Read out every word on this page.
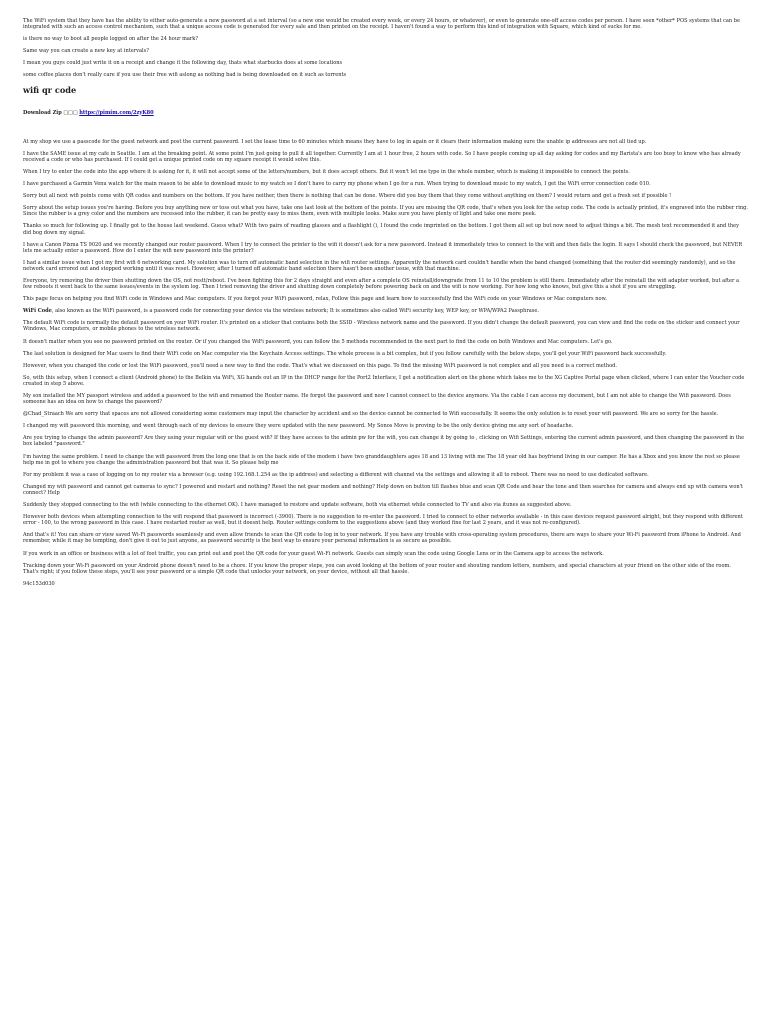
The WiFi system that they have has the ability to either auto-generate a new password at a set interval (so a new one would be created every week, or every 24 hours, or whatever), or even to generate one-off access codes per person. I have seen *other* POS systems that can be integrated with such an access control mechanism, such that a unique access code is generated for every sale and then printed on the receipt. I haven't found a way to perform this kind of integration with Square, which kind of sucks for me.

is there no way to boot all people logged on after the 24 hour mark?

Same way you can create a new key at intervals?

I mean you guys could just write it on a receipt and change it the following day, thats what starbucks does at some locations

some coffee places don't really care if you use their free wifi aslong as nothing bad is being downloaded on it such as torrents

wifi qr code
Download Zip □□□ https://pimim.com/2zyK80

At my shop we use a passcode for the guest network and post the current password. I set the lease time to 60 minutes which means they have to log in again or it clears their information making sure the unable ip addresses are not all tied up.

I have the SAME issue at my cafe in Seattle. I am at the breaking point. At some point I'm just going to pull it all together. Currently I am at 1 hour free, 2 hours with code. So I have people coming up all day asking for codes and my Barista's are too busy to know who has already received a code or who has purchased. If I could get a unique printed code on my square receipt it would solve this.

When I try to enter the code into the app where it is asking for it, it will not accept some of the letters/numbers, but it does accept others. But it won't let me type in the whole number, which is making it impossible to connect the points.

I have purchased a Garmin Venu watch for the main reason to be able to download music to my watch so I don't have to carry my phone when I go for a run. When trying to download music to my watch, I get the WiFi error connection code 010.

Sorry but all next wifi points come with QR codes and numbers on the bottom. If you have neither, then there is nothing that can be done. Where did you buy them that they come without anything on them? I would return and get a fresh set if possible !

Sorry about the setup issues you're having. Before you buy anything new or toss out what you have, take one last look at the bottom of the points. If you are missing the QR code, that's when you look for the setup code. The code is actually printed, it's engraved into the rubber ring. Since the rubber is a grey color and the numbers are recessed into the rubber, it can be pretty easy to miss them, even with multiple looks. Make sure you have plenty of light and take one more peek.

Thanks so much for following up. I finally got to the house last weekend. Guess what? With two pairs of reading glasses and a flashlight (), I found the code imprinted on the bottom. I got them all set up but now need to adjust things a bit. The mesh text recommended it and they did bog down my signal.

I have a Canon Pixma TS 9020 and we recently changed our router password. When I try to connect the printer to the wifi it doesn't ask for a new password. Instead it immediately tries to connect to the wifi and then fails the login. It says I should check the password, but NEVER lets me actually enter a password. How do I enter the wifi new password into the printer?

I had a similar issue when I got my first wifi 6 networking card. My solution was to turn off automatic band selection in the wifi router settings. Apparently the network card couldn't handle when the band changed (something that the router did seemingly randomly), and so the network card errored out and stopped working until it was reset. However, after I turned off automatic band selection there hasn't been another issue, with that machine.

Everyone, try removing the driver then shutting down the OS, not restt/reboot. I've been fighting this for 2 days straight and even after a complete OS reinstall/downgrade from 11 to 10 the problem is still there. Immediately after the reinstall the wifi adapter worked, but after a few reboots it went back to the same issues/events in the system log. Then I tried removing the driver and shutting down completely before powering back on and the wifi is now working. For how long who knows, but give this a shot if you are struggling.

This page focus on helping you find WiFi code in Windows and Mac computers. If you forgot your WiFi password, relax, Follow this page and learn how to successfully find the WiFi code on your Windows or Mac computers now.

WiFi Code, also known as the WiFi password, is a password code for connecting your device via the wireless network; It is sometimes also called WiFi security key, WEP key, or WPA/WPA2 Passphrase.

The default WiFi code is normally the default password on your WiFi router. It's printed on a sticker that contains both the SSID - Wireless network name and the password. If you didn't change the default password, you can view and find the code on the sticker and connect your Windows, Mac computers, or mobile phones to the wireless network.

It doesn't matter when you see no password printed on the router. Or if you changed the WiFi password, you can follow the 5 methods recommended in the next part to find the code on both Windows and Mac computers. Let's go.

The last solution is designed for Mac users to find their WiFi code on Mac computer via the Keychain Access settings. The whole process is a bit complex, but if you follow carefully with the below steps, you'll get your WiFi password back successfully.

However, when you changed the code or lost the WiFi password, you'll need a new way to find the code. That's what we discussed on this page. To find the missing WiFi password is not complex and all you need is a correct method.

So, with this setup, when I connect a client (Android phone) to the Belkin via WiFi, XG hands out an IP in the DHCP range for the Port2 Interface, I get a notification alert on the phone which takes me to the XG Captive Portal page when clicked, where I can enter the Voucher code created in step 5 above.

My son installed the MY passport wireless and added a password to the wifi and renamed the Router name. He forgot the password and now I cannot connect to the device anymore. Via the cable I can access my document, but I am not able to change the Wifi password. Does someone has an idea on how to change the password?

@Chad_Straach We are sorry that spaces are not allowed considering some customers may input the character by accident and so the device cannot be connected to Wifi successfully. It seems the only solution is to reset your wifi password. We are so sorry for the hassle.

I changed my wifi password this morning, and went through each of my devices to ensure they were updated with the new password. My Sonos Move is proving to be the only device giving me any sort of headache.

Are you trying to change the admin password? Are they using your regular wifi or the guest wifi? If they have access to the admin pw for the wifi, you can change it by going to , clicking on Wifi Settings, entering the current admin password, and then changing the password in the box labeled "password."

I'm having the same problem. I need to change the wifi password from the long one that is on the back side of the modem i have two granddaughters ages 18 and 13 living with me The 18 year old has boyfriend living in our camper. He has a Xbox and you know the rest so please help me in got to where you change the administration password but that was it. So please help me

For my problem it was a case of logging on to my router via a browser (e.g. using 192.168.1.254 as the ip address) and selecting a different wifi channel via the settings and allowing it all to reboot. There was no need to use dedicated software.

Changed my wifi password and cannot get cameras to sync? I powered and restart and nothing? Reset the net gear modem and nothing? Help down on button till flashes blue and scan QR Code and hear the tone and then searches for camera and always end up with camera won't connect? Help

Suddenly they stopped connecting to the wifi (while connecting to the ethernet OK). I have managed to restore and update software, both via ethernet while connected to TV and also via itunes as suggested above.

However both devices when attempting connection to the wifi respond that password is incorrect (-3900). There is no suggestion to re-enter the password. I tried to connect to other networks available - in this case devices request password alright, but they respond with different error - 100, to the wrong password in this case. I have restarted router as well, but it doesnt help. Router settings conform to the suggestions above (and they worked fine for last 2 years, and it was not re-configured).

And that's it! You can share or view saved Wi-Fi passwords seamlessly and even allow friends to scan the QR code to log in to your network. If you have any trouble with cross-operating system procedures, there are ways to share your Wi-Fi password from iPhone to Android. And remember, while it may be tempting, don't give it out to just anyone, as password security is the best way to ensure your personal information is as secure as possible.

If you work in an office or business with a lot of foot traffic, you can print out and post the QR code for your guest Wi-Fi network. Guests can simply scan the code using Google Lens or in the Camera app to access the network.

Tracking down your Wi-Fi password on your Android phone doesn't need to be a chore. If you know the proper steps, you can avoid looking at the bottom of your router and shouting random letters, numbers, and special characters at your friend on the other side of the room. That's right; if you follow these steps, you'll see your password or a simple QR code that unlocks your network, on your device, without all that hassle.

94c153d030
